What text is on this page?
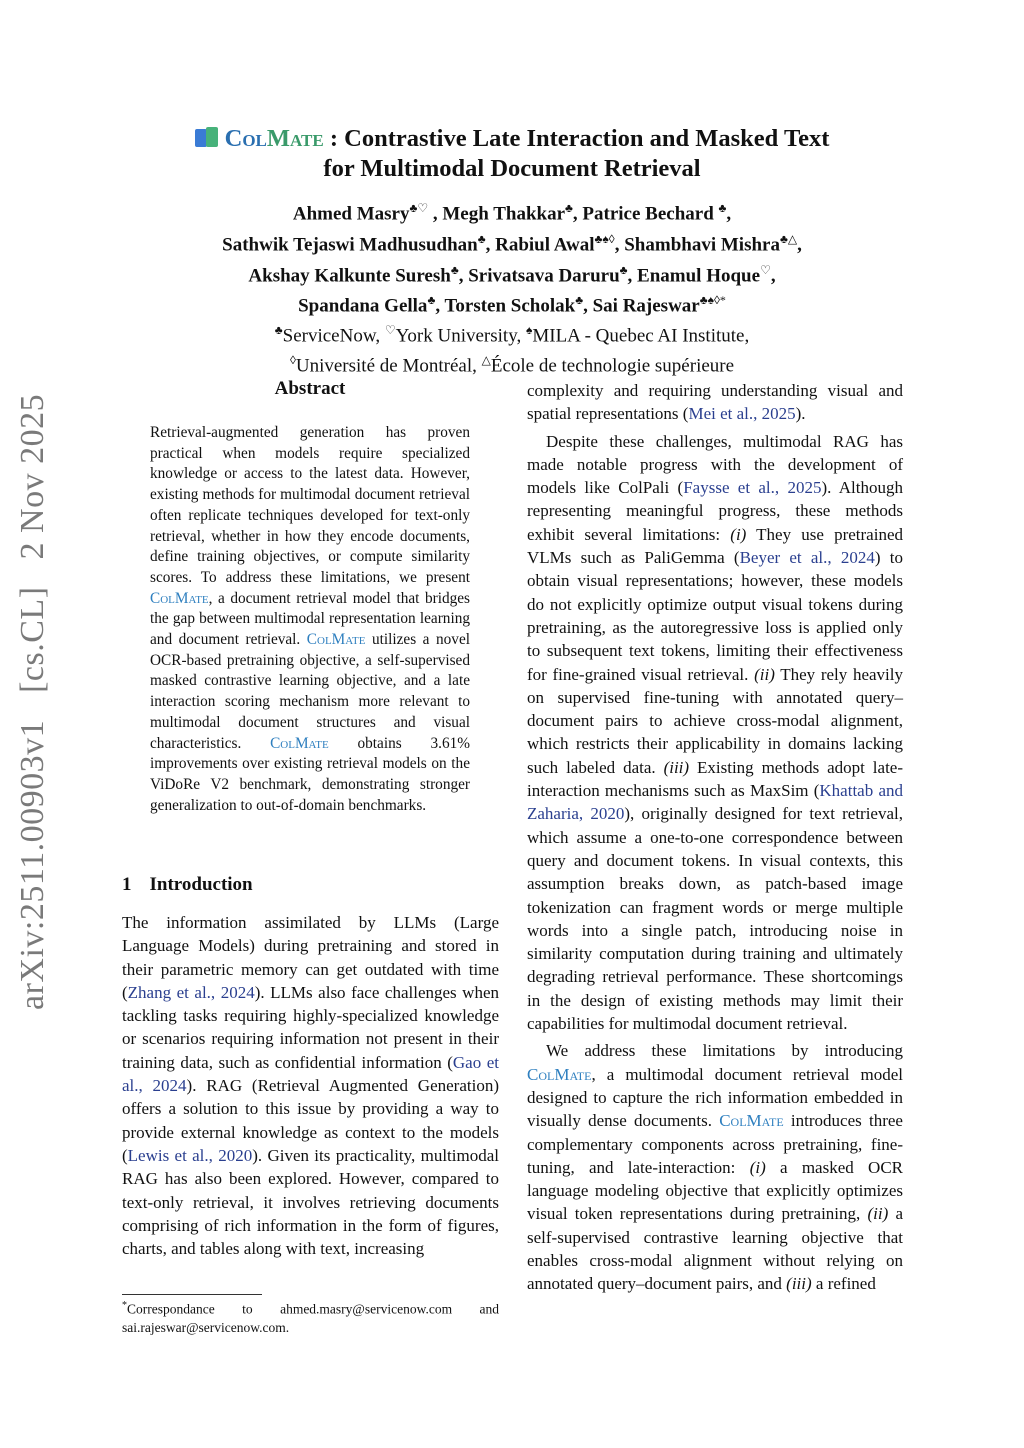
arXiv:2511.00903v1 [cs.CL] 2 Nov 2025
ColMate : Contrastive Late Interaction and Masked Text
for Multimodal Document Retrieval
Ahmed Masry♣♡ , Megh Thakkar♣, Patrice Bechard ♣,
Sathwik Tejaswi Madhusudhan♣, Rabiul Awal♣♠◊, Shambhavi Mishra♣△,
Akshay Kalkunte Suresh♣, Srivatsava Daruru♣, Enamul Hoque♡,
Spandana Gella♣, Torsten Scholak♣, Sai Rajeswar♣♠◊*
♣ServiceNow, ♡York University, ♠MILA - Quebec AI Institute,
◊Université de Montréal, △École de technologie supérieure
Abstract
Retrieval-augmented generation has proven practical when models require specialized knowledge or access to the latest data. However, existing methods for multimodal document retrieval often replicate techniques developed for text-only retrieval, whether in how they encode documents, define training objectives, or compute similarity scores. To address these limitations, we present ColMate, a document retrieval model that bridges the gap between multimodal representation learning and document retrieval. ColMate utilizes a novel OCR-based pretraining objective, a self-supervised masked contrastive learning objective, and a late interaction scoring mechanism more relevant to multimodal document structures and visual characteristics. ColMate obtains 3.61% improvements over existing retrieval models on the ViDoRe V2 benchmark, demonstrating stronger generalization to out-of-domain benchmarks.
1 Introduction
The information assimilated by LLMs (Large Language Models) during pretraining and stored in their parametric memory can get outdated with time (Zhang et al., 2024). LLMs also face challenges when tackling tasks requiring highly-specialized knowledge or scenarios requiring information not present in their training data, such as confidential information (Gao et al., 2024). RAG (Retrieval Augmented Generation) offers a solution to this issue by providing a way to provide external knowledge as context to the models (Lewis et al., 2020). Given its practicality, multimodal RAG has also been explored. However, compared to text-only retrieval, it involves retrieving documents comprising of rich information in the form of figures, charts, and tables along with text, increasing
*Correspondance to ahmed.masry@servicenow.com and sai.rajeswar@servicenow.com.

complexity and requiring understanding visual and spatial representations (Mei et al., 2025).

Despite these challenges, multimodal RAG has made notable progress with the development of models like ColPali (Faysse et al., 2025). Although representing meaningful progress, these methods exhibit several limitations: (i) They use pretrained VLMs such as PaliGemma (Beyer et al., 2024) to obtain visual representations; however, these models do not explicitly optimize output visual tokens during pretraining, as the autoregressive loss is applied only to subsequent text tokens, limiting their effectiveness for fine-grained visual retrieval. (ii) They rely heavily on supervised fine-tuning with annotated query–document pairs to achieve cross-modal alignment, which restricts their applicability in domains lacking such labeled data. (iii) Existing methods adopt late-interaction mechanisms such as MaxSim (Khattab and Zaharia, 2020), originally designed for text retrieval, which assume a one-to-one correspondence between query and document tokens. In visual contexts, this assumption breaks down, as patch-based image tokenization can fragment words or merge multiple words into a single patch, introducing noise in similarity computation during training and ultimately degrading retrieval performance. These shortcomings in the design of existing methods may limit their capabilities for multimodal document retrieval.

We address these limitations by introducing ColMate, a multimodal document retrieval model designed to capture the rich information embedded in visually dense documents. ColMate introduces three complementary components across pretraining, fine-tuning, and late-interaction: (i) a masked OCR language modeling objective that explicitly optimizes visual token representations during pretraining, (ii) a self-supervised contrastive learning objective that enables cross-modal alignment without relying on annotated query–document pairs, and (iii) a refined
